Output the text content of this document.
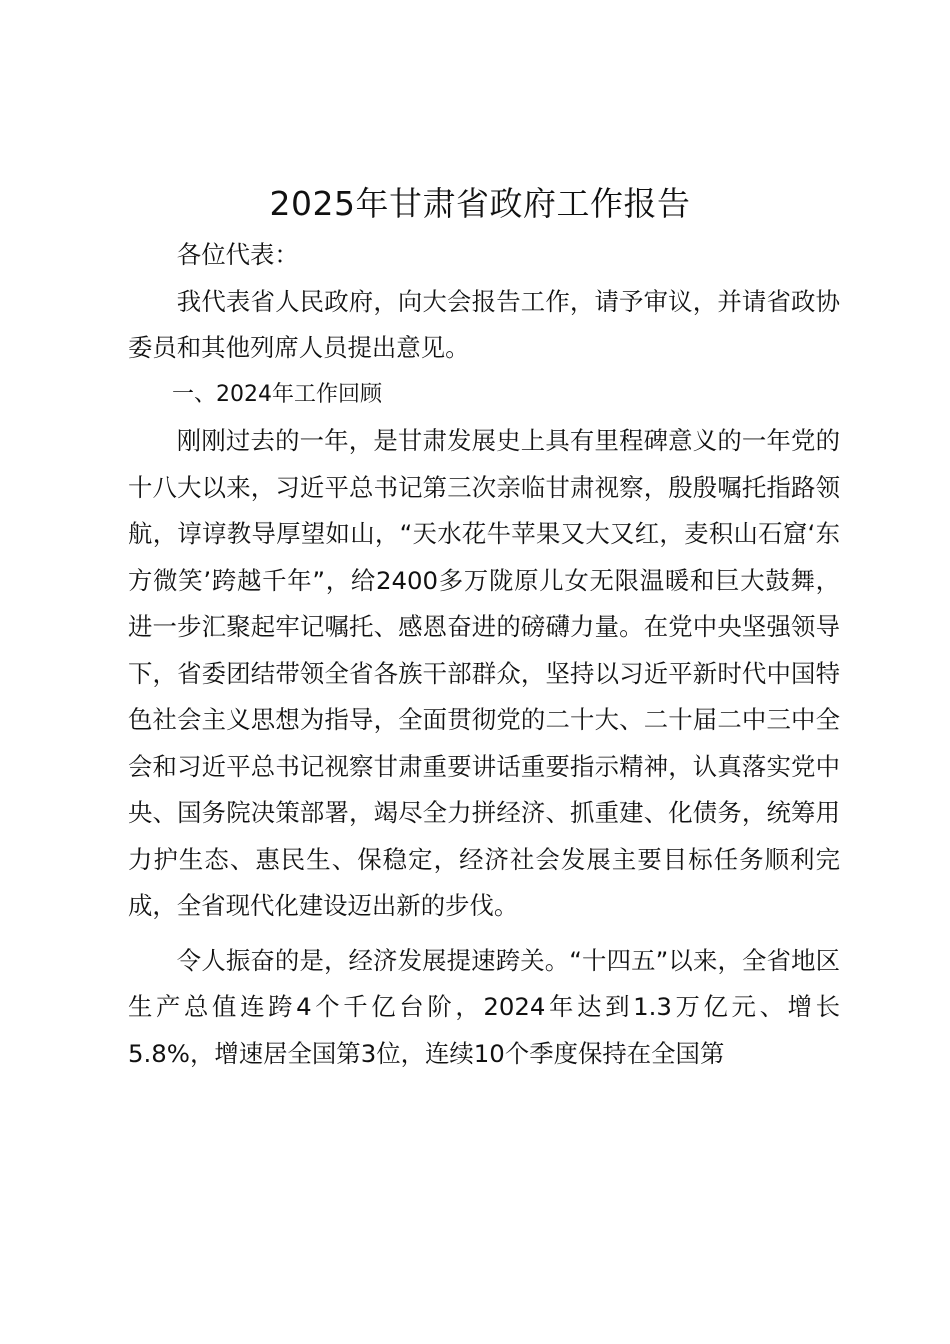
2025年甘肃省政府工作报告

各位代表：

我代表省人民政府，向大会报告工作，请予审议，并请省政协委员和其他列席人员提出意见。

一、2024年工作回顾

刚刚过去的一年，是甘肃发展史上具有里程碑意义的一年党的十八大以来，习近平总书记第三次亲临甘肃视察，殷殷嘱托指路领航，谆谆教导厚望如山，“天水花牛苹果又大又红，麦积山石窟‘东方微笑’跨越千年”，给2400多万陇原儿女无限温暖和巨大鼓舞，进一步汇聚起牢记嘱托、感恩奋进的磅礴力量。在党中央坚强领导下，省委团结带领全省各族干部群众，坚持以习近平新时代中国特色社会主义思想为指导，全面贯彻党的二十大、二十届二中三中全会和习近平总书记视察甘肃重要讲话重要指示精神，认真落实党中央、国务院决策部署，竭尽全力拼经济、抓重建、化债务，统筹用力护生态、惠民生、保稳定，经济社会发展主要目标任务顺利完成，全省现代化建设迈出新的步伐。

令人振奋的是，经济发展提速跨关。“十四五”以来，全省地区生产总值连跨4个千亿台阶，2024年达到1.3万亿元、增长5.8%，增速居全国第3位，连续10个季度保持在全国第
